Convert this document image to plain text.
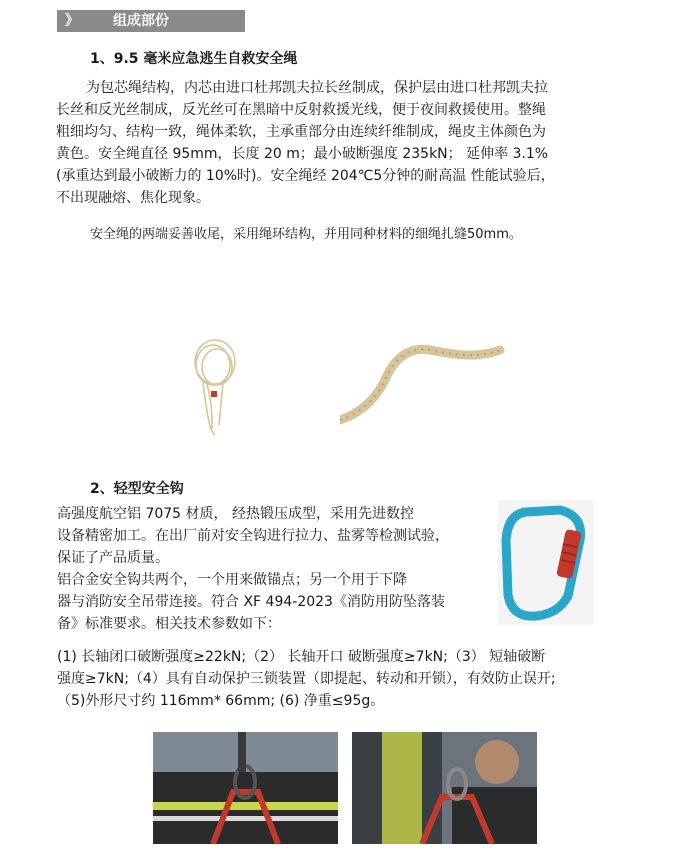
》 组成部份
1、9.5 毫米应急逃生自救安全绳
为包芯绳结构，内芯由进口杜邦凯夫拉长丝制成，保护层由进口杜邦凯夫拉
长丝和反光丝制成，反光丝可在黑暗中反射救援光线，便于夜间救援使用。整绳
粗细均匀、结构一致，绳体柔软，主承重部分由连续纤维制成，绳皮主体颜色为
黄色。安全绳直径 95mm，长度 20 m；最小破断强度 235kN； 延伸率 3.1%
(承重达到最小破断力的 10%时)。安全绳经 204℃5分钟的耐高温 性能试验后，
不出现融熔、焦化现象。
安全绳的两端妥善收尾，采用绳环结构，并用同种材料的细绳扎缝50mm。
2、轻型安全钩
高强度航空铝 7075 材质， 经热锻压成型，采用先进数控
设备精密加工。在出厂前对安全钩进行拉力、盐雾等检测试验，
保证了产品质量。
铝合金安全钩共两个，一个用来做锚点；另一个用于下降
器与消防安全吊带连接。符合 XF 494-2023《消防用防坠落装
备》标准要求。相关技术参数如下：
(1) 长轴闭口破断强度≥22kN;（2） 长轴开口 破断强度≥7kN;（3） 短轴破断
强度≥7kN;（4）具有自动保护三锁装置（即提起、转动和开锁），有效防止误开;
（5)外形尺寸约 116mm* 66mm; (6) 净重≤95g。
